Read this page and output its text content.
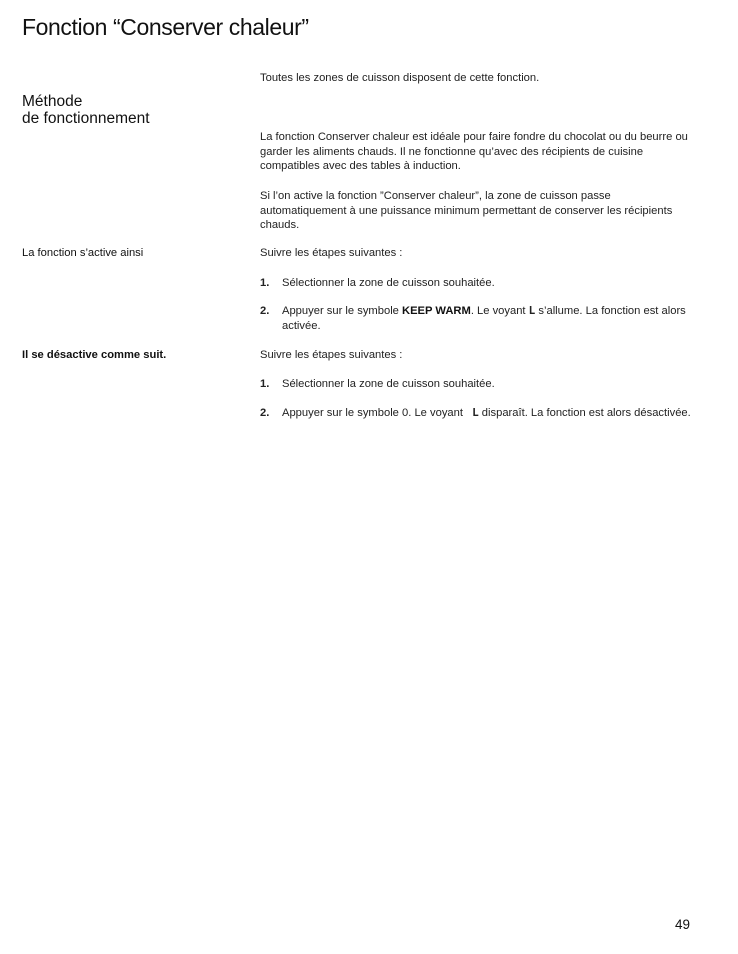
Fonction “Conserver chaleur”

Toutes les zones de cuisson disposent de cette fonction.

Méthode
de fonctionnement

La fonction Conserver chaleur est idéale pour faire fondre du chocolat ou du beurre ou garder les aliments chauds. Il ne fonctionne qu’avec des récipients de cuisine compatibles avec des tables à induction.

Si l’on active la fonction ”Conserver chaleur”, la zone de cuisson passe automatiquement à une puissance minimum permettant de conserver les récipients chauds.

La fonction s’active ainsi	Suivre les étapes suivantes :

1. Sélectionner la zone de cuisson souhaitée.
2. Appuyer sur le symbole KEEP WARM. Le voyant L s’allume. La fonction est alors activée.
Il se désactive comme suit.	Suivre les étapes suivantes :

1. Sélectionner la zone de cuisson souhaitée.
2. Appuyer sur le symbole 0. Le voyant L disparaît. La fonction est alors désactivée.
49
